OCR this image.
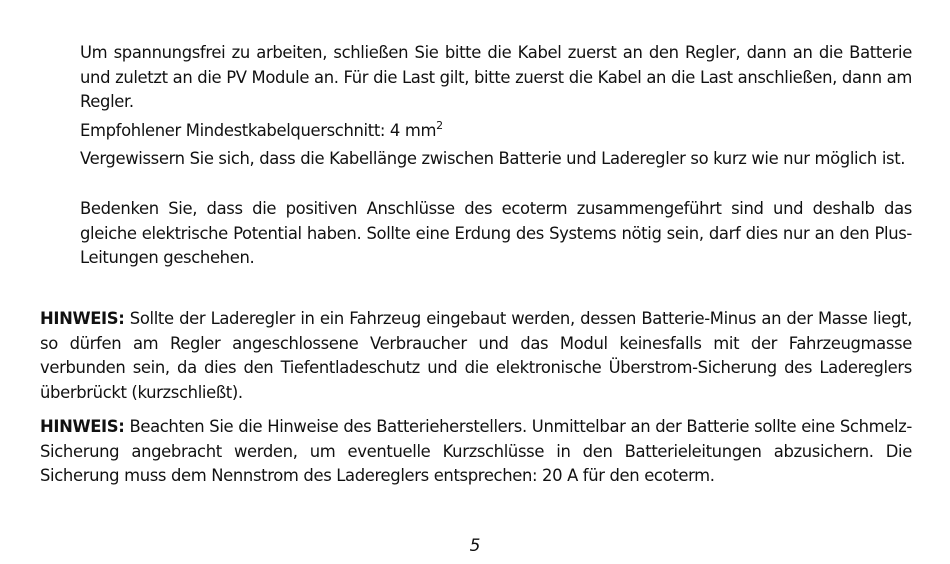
Um spannungsfrei zu arbeiten, schließen Sie bitte die Kabel zuerst an den Regler, dann an die Batterie und zuletzt an die PV Module an. Für die Last gilt, bitte zuerst die Kabel an die Last anschließen, dann am Regler.

Empfohlener Mindestkabelquerschnitt: 4 $mm^2$

Vergewissern Sie sich, dass die Kabellänge zwischen Batterie und Laderegler so kurz wie nur möglich ist.

Bedenken Sie, dass die positiven Anschlüsse des ecoterm zusammengeführt sind und deshalb das gleiche elektrische Potential haben. Sollte eine Erdung des Systems nötig sein, darf dies nur an den Plus-Leitungen geschehen.

HINWEIS: Sollte der Laderegler in ein Fahrzeug eingebaut werden, dessen Batterie-Minus an der Masse liegt, so dürfen am Regler angeschlossene Verbraucher und das Modul keinesfalls mit der Fahrzeugmasse verbunden sein, da dies den Tiefentladeschutz und die elektronische Überstrom-Sicherung des Ladereglers überbrückt (kurzschließt).

HINWEIS: Beachten Sie die Hinweise des Batterieherstellers. Unmittelbar an der Batterie sollte eine Schmelz-Sicherung angebracht werden, um eventuelle Kurzschlüsse in den Batterieleitungen abzusichern. Die Sicherung muss dem Nennstrom des Ladereglers entsprechen: 20 A für den ecoterm.

5
